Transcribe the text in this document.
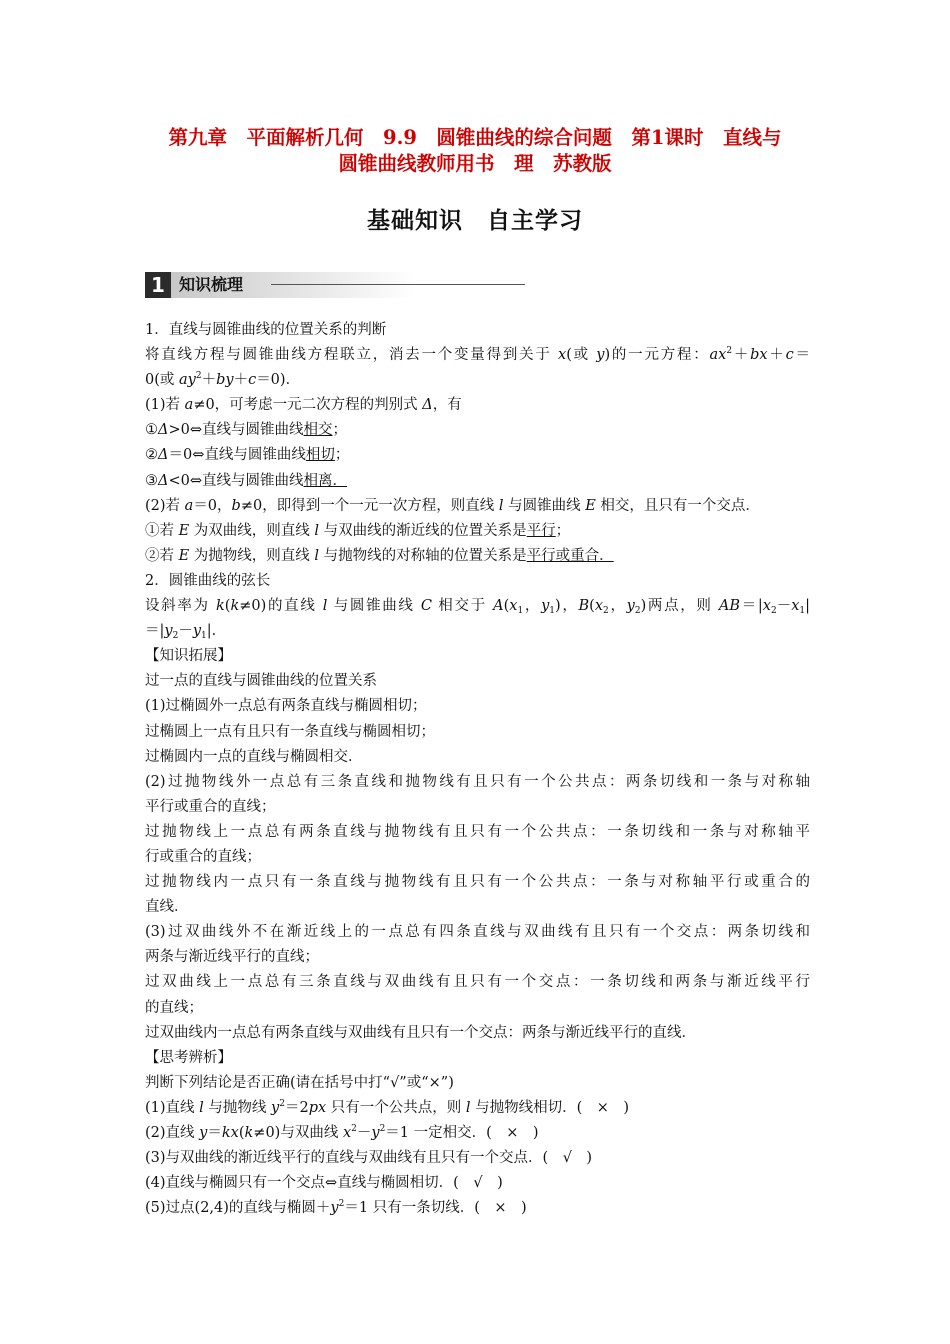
第九章　平面解析几何　9.9　圆锥曲线的综合问题　第1课时　直线与
圆锥曲线教师用书　理　苏教版
基础知识　自主学习
1 知识梳理
1．直线与圆锥曲线的位置关系的判断
将直线方程与圆锥曲线方程联立，消去一个变量得到关于 x(或 y)的一元方程：$ax^2+bx+c=$
0(或 $ay^2+by+c=0$)．
(1)若 a≠0，可考虑一元二次方程的判别式 Δ，有
①Δ>0⇔直线与圆锥曲线相交；
②Δ＝0⇔直线与圆锥曲线相切；
③Δ<0⇔直线与圆锥曲线相离．
(2)若 a＝0，b≠0，即得到一个一元一次方程，则直线 l 与圆锥曲线 E 相交，且只有一个交点．
①若 E 为双曲线，则直线 l 与双曲线的渐近线的位置关系是平行；
②若 E 为抛物线，则直线 l 与抛物线的对称轴的位置关系是平行或重合．
2．圆锥曲线的弦长
设斜率为 k(k≠0)的直线 l 与圆锥曲线 C 相交于 $A(x_1$，$y_1$)，$B(x_2$，$y_2$)两点，则 $AB=|x_2-x_1|$
$=|y_2-y_1|$．
【知识拓展】
过一点的直线与圆锥曲线的位置关系
(1)过椭圆外一点总有两条直线与椭圆相切；
过椭圆上一点有且只有一条直线与椭圆相切；
过椭圆内一点的直线与椭圆相交．
(2)过抛物线外一点总有三条直线和抛物线有且只有一个公共点：两条切线和一条与对称轴
平行或重合的直线；
过抛物线上一点总有两条直线与抛物线有且只有一个公共点：一条切线和一条与对称轴平
行或重合的直线；
过抛物线内一点只有一条直线与抛物线有且只有一个公共点：一条与对称轴平行或重合的
直线．
(3)过双曲线外不在渐近线上的一点总有四条直线与双曲线有且只有一个交点：两条切线和
两条与渐近线平行的直线；
过双曲线上一点总有三条直线与双曲线有且只有一个交点：一条切线和两条与渐近线平行
的直线；
过双曲线内一点总有两条直线与双曲线有且只有一个交点：两条与渐近线平行的直线．
【思考辨析】
判断下列结论是否正确(请在括号中打“√”或“×”)
(1)直线 l 与抛物线 $y^2=2px$ 只有一个公共点，则 l 与抛物线相切．(　×　)
(2)直线 y＝kx(k≠0)与双曲线 $x^2-y^2=1$ 一定相交．(　×　)
(3)与双曲线的渐近线平行的直线与双曲线有且只有一个交点．(　√　)
(4)直线与椭圆只有一个交点⇔直线与椭圆相切．(　√　)
(5)过点(2,4)的直线与椭圆$+y^2=1$ 只有一条切线．(　×　)
